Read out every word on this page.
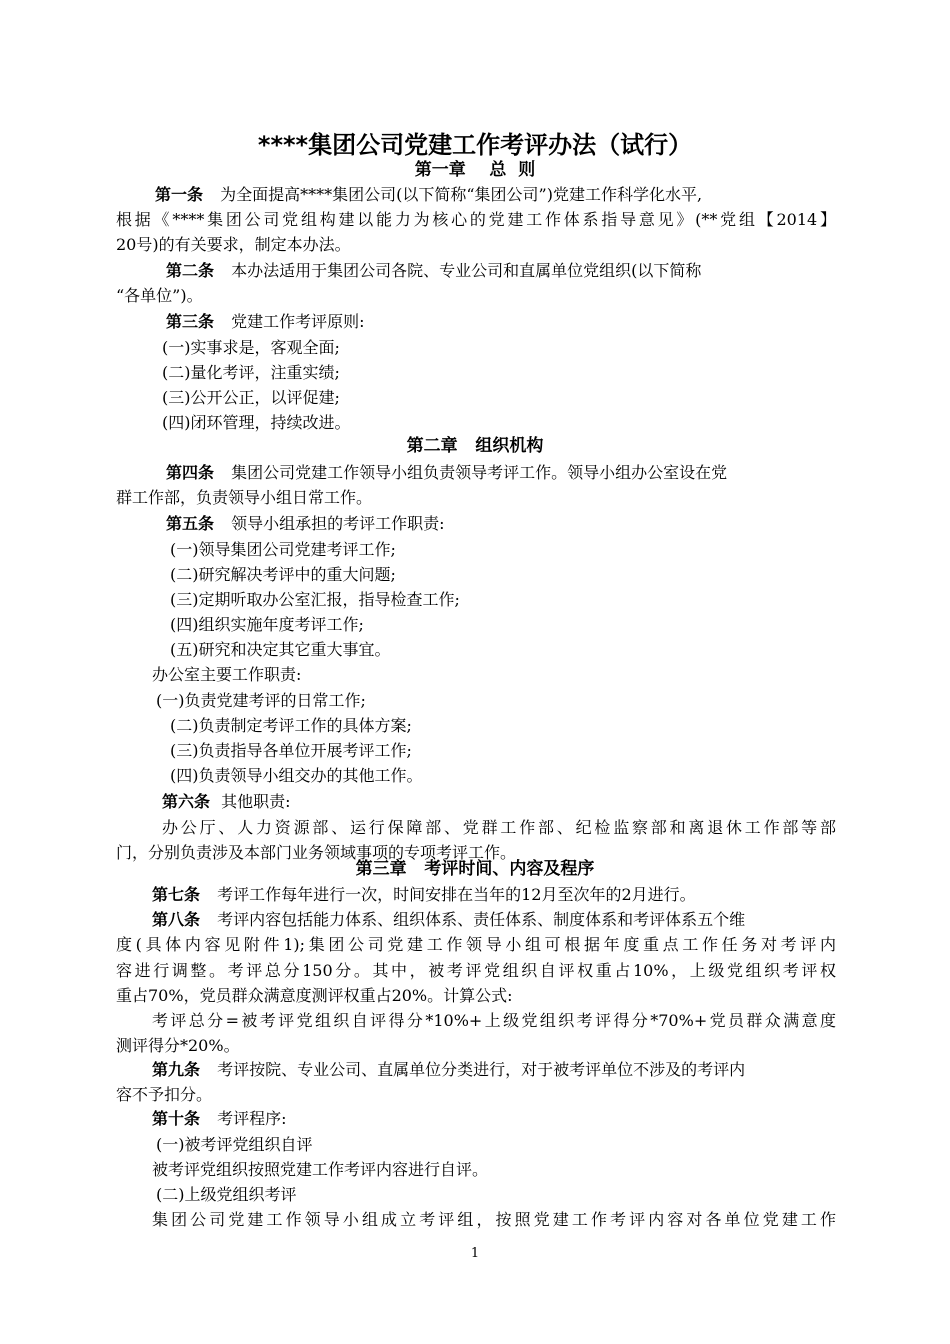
****集团公司党建工作考评办法（试行）
第一章    总  则
第一条 为全面提高****集团公司(以下简称“集团公司”)党建工作科学化水平,
根据《****集团公司党组构建以能力为核心的党建工作体系指导意见》(**党组【2014】
20号)的有关要求，制定本办法。
第二条 本办法适用于集团公司各院、专业公司和直属单位党组织(以下简称
“各单位”)。
第三条 党建工作考评原则:
(一)实事求是，客观全面;
(二)量化考评，注重实绩;
(三)公开公正，以评促建;
(四)闭环管理，持续改进。
第二章   组织机构
第四条 集团公司党建工作领导小组负责领导考评工作。领导小组办公室设在党
群工作部，负责领导小组日常工作。
第五条 领导小组承担的考评工作职责:
(一)领导集团公司党建考评工作;
(二)研究解决考评中的重大问题;
(三)定期听取办公室汇报，指导检查工作;
(四)组织实施年度考评工作;
(五)研究和决定其它重大事宜。
办公室主要工作职责:
(一)负责党建考评的日常工作;
(二)负责制定考评工作的具体方案;
(三)负责指导各单位开展考评工作;
(四)负责领导小组交办的其他工作。
第六条 其他职责:
办公厅、人力资源部、运行保障部、党群工作部、纪检监察部和离退休工作部等部
门，分别负责涉及本部门业务领域事项的专项考评工作。
第三章   考评时间、内容及程序
第七条 考评工作每年进行一次，时间安排在当年的12月至次年的2月进行。
第八条 考评内容包括能力体系、组织体系、责任体系、制度体系和考评体系五个维
度(具体内容见附件1);集团公司党建工作领导小组可根据年度重点工作任务对考评内
容进行调整。考评总分150分。其中，被考评党组织自评权重占10%，上级党组织考评权
重占70%，党员群众满意度测评权重占20%。计算公式:
考评总分=被考评党组织自评得分*10%+上级党组织考评得分*70%+党员群众满意度
测评得分*20%。
第九条 考评按院、专业公司、直属单位分类进行，对于被考评单位不涉及的考评内
容不予扣分。
第十条 考评程序:
(一)被考评党组织自评
被考评党组织按照党建工作考评内容进行自评。
(二)上级党组织考评
集团公司党建工作领导小组成立考评组，按照党建工作考评内容对各单位党建工作
1
